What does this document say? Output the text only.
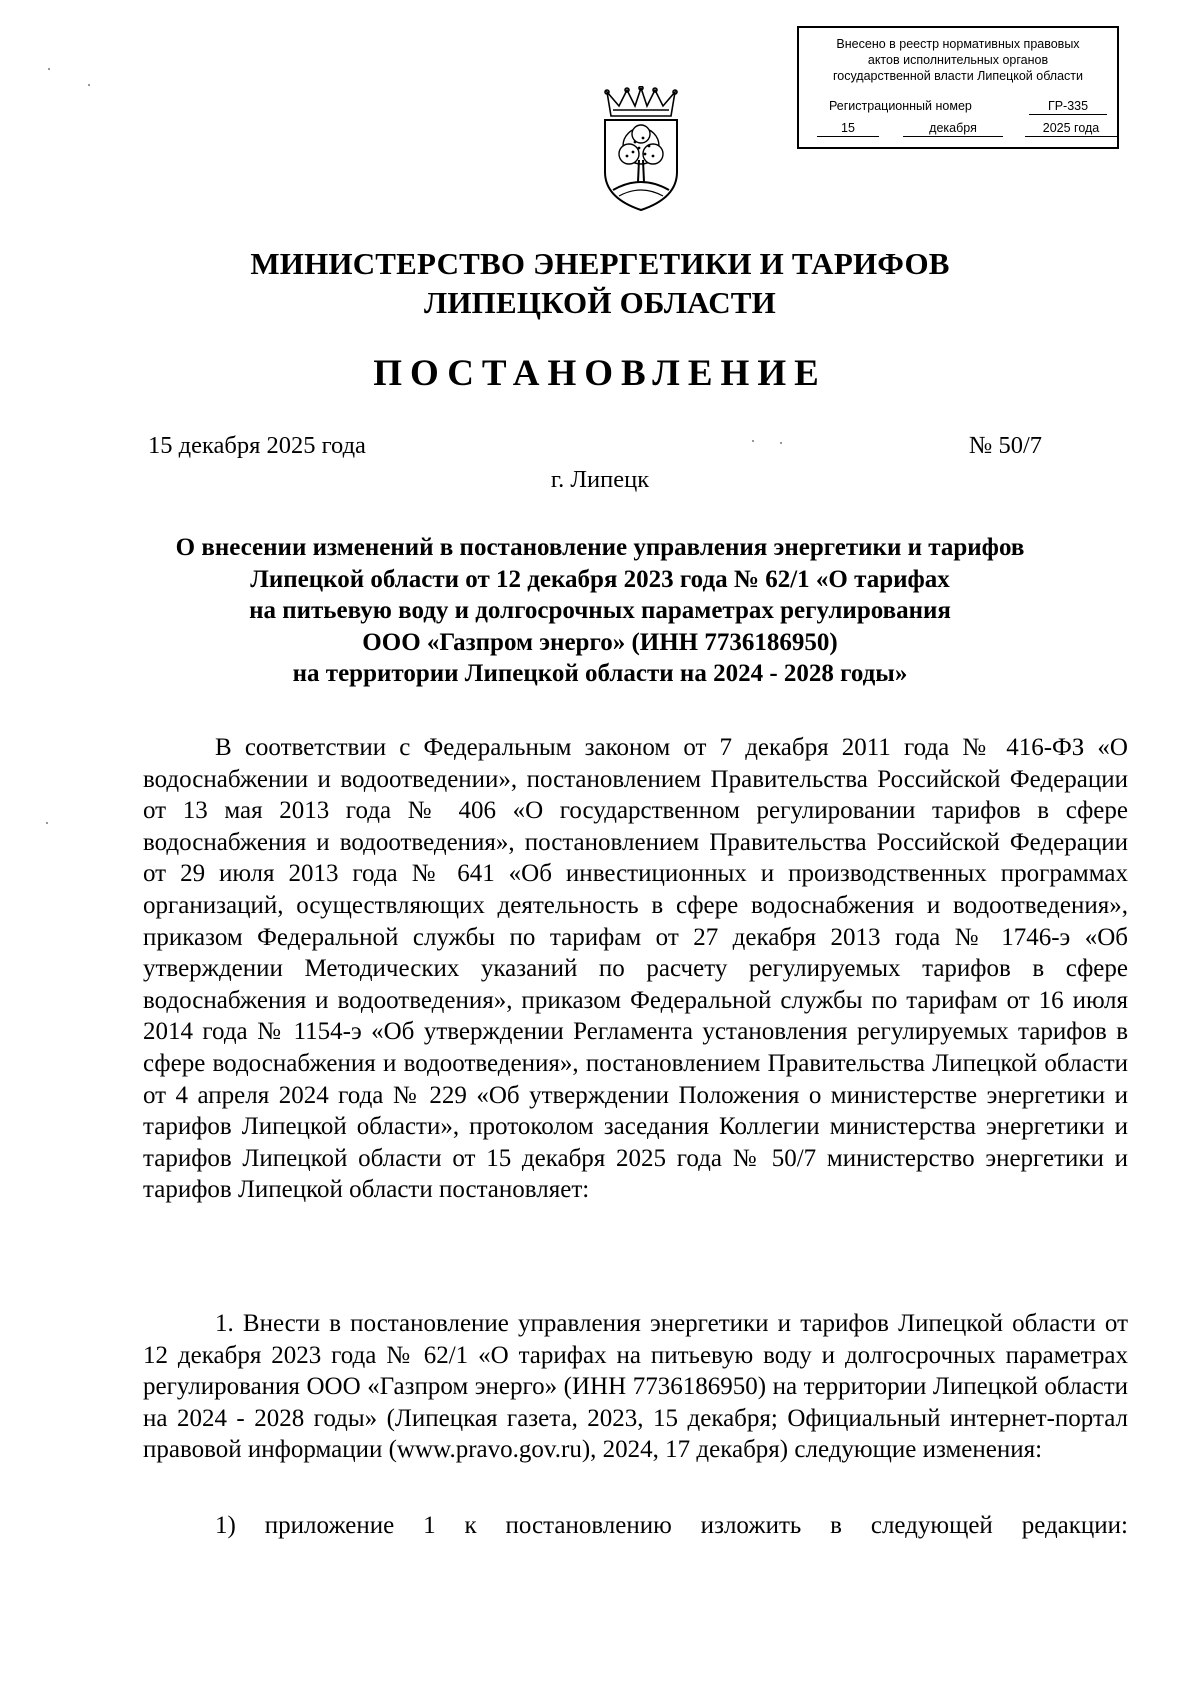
Внесено в реестр нормативных правовых
актов исполнительных органов
государственной власти Липецкой области
Регистрационный номер	ГР-335
15	декабря	2025 года
МИНИСТЕРСТВО ЭНЕРГЕТИКИ И ТАРИФОВ
ЛИПЕЦКОЙ ОБЛАСТИ
ПОСТАНОВЛЕНИЕ
15 декабря 2025 года	№ 50/7
г. Липецк
О внесении изменений в постановление управления энергетики и тарифов
Липецкой области от 12 декабря 2023 года № 62/1 «О тарифах
на питьевую воду и долгосрочных параметрах регулирования
ООО «Газпром энерго» (ИНН 7736186950)
на территории Липецкой области на 2024 - 2028 годы»
В соответствии с Федеральным законом от 7 декабря 2011 года № 416-ФЗ «О водоснабжении и водоотведении», постановлением Правительства Российской Федерации от 13 мая 2013 года № 406 «О государственном регулировании тарифов в сфере водоснабжения и водоотведения», постановлением Правительства Российской Федерации от 29 июля 2013 года № 641 «Об инвестиционных и производственных программах организаций, осуществляющих деятельность в сфере водоснабжения и водоотведения», приказом Федеральной службы по тарифам от 27 декабря 2013 года № 1746-э «Об утверждении Методических указаний по расчету регулируемых тарифов в сфере водоснабжения и водоотведения», приказом Федеральной службы по тарифам от 16 июля 2014 года № 1154-э «Об утверждении Регламента установления регулируемых тарифов в сфере водоснабжения и водоотведения», постановлением Правительства Липецкой области от 4 апреля 2024 года № 229 «Об утверждении Положения о министерстве энергетики и тарифов Липецкой области», протоколом заседания Коллегии министерства энергетики и тарифов Липецкой области от 15 декабря 2025 года № 50/7 министерство энергетики и тарифов Липецкой области постановляет:
1. Внести в постановление управления энергетики и тарифов Липецкой области от 12 декабря 2023 года № 62/1 «О тарифах на питьевую воду и долгосрочных параметрах регулирования ООО «Газпром энерго» (ИНН 7736186950) на территории Липецкой области на 2024 - 2028 годы» (Липецкая газета, 2023, 15 декабря; Официальный интернет-портал правовой информации (www.pravo.gov.ru), 2024, 17 декабря) следующие изменения:
1) приложение 1 к постановлению изложить в следующей редакции:
